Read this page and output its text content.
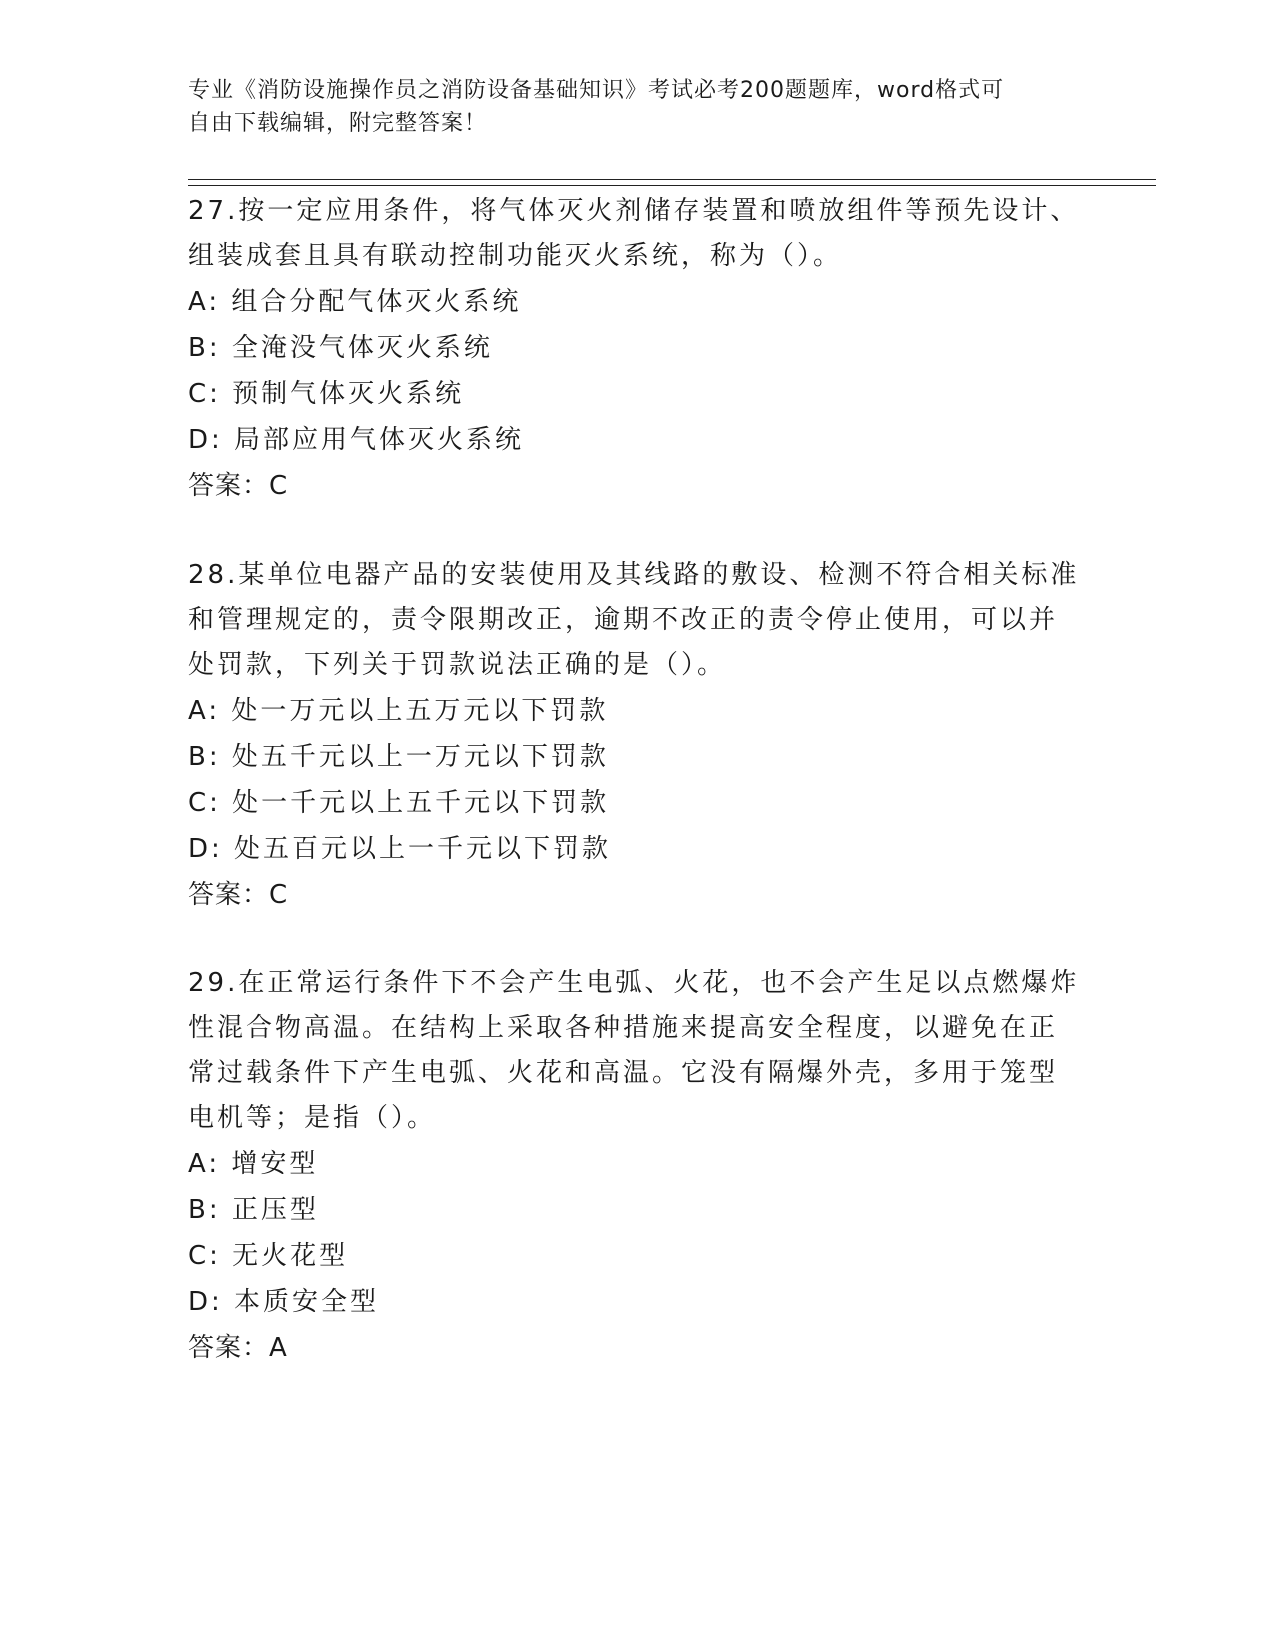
专业《消防设施操作员之消防设备基础知识》考试必考200题题库，word格式可
自由下载编辑，附完整答案！
27.按一定应用条件，将气体灭火剂储存装置和喷放组件等预先设计、
组装成套且具有联动控制功能灭火系统，称为（）。
A: 组合分配气体灭火系统
B: 全淹没气体灭火系统
C: 预制气体灭火系统
D: 局部应用气体灭火系统
答案：C
28.某单位电器产品的安装使用及其线路的敷设、检测不符合相关标准
和管理规定的，责令限期改正，逾期不改正的责令停止使用，可以并
处罚款，下列关于罚款说法正确的是（）。
A: 处一万元以上五万元以下罚款
B: 处五千元以上一万元以下罚款
C: 处一千元以上五千元以下罚款
D: 处五百元以上一千元以下罚款
答案：C
29.在正常运行条件下不会产生电弧、火花，也不会产生足以点燃爆炸
性混合物高温。在结构上采取各种措施来提高安全程度，以避免在正
常过载条件下产生电弧、火花和高温。它没有隔爆外壳，多用于笼型
电机等；是指（）。
A: 增安型
B: 正压型
C: 无火花型
D: 本质安全型
答案：A
